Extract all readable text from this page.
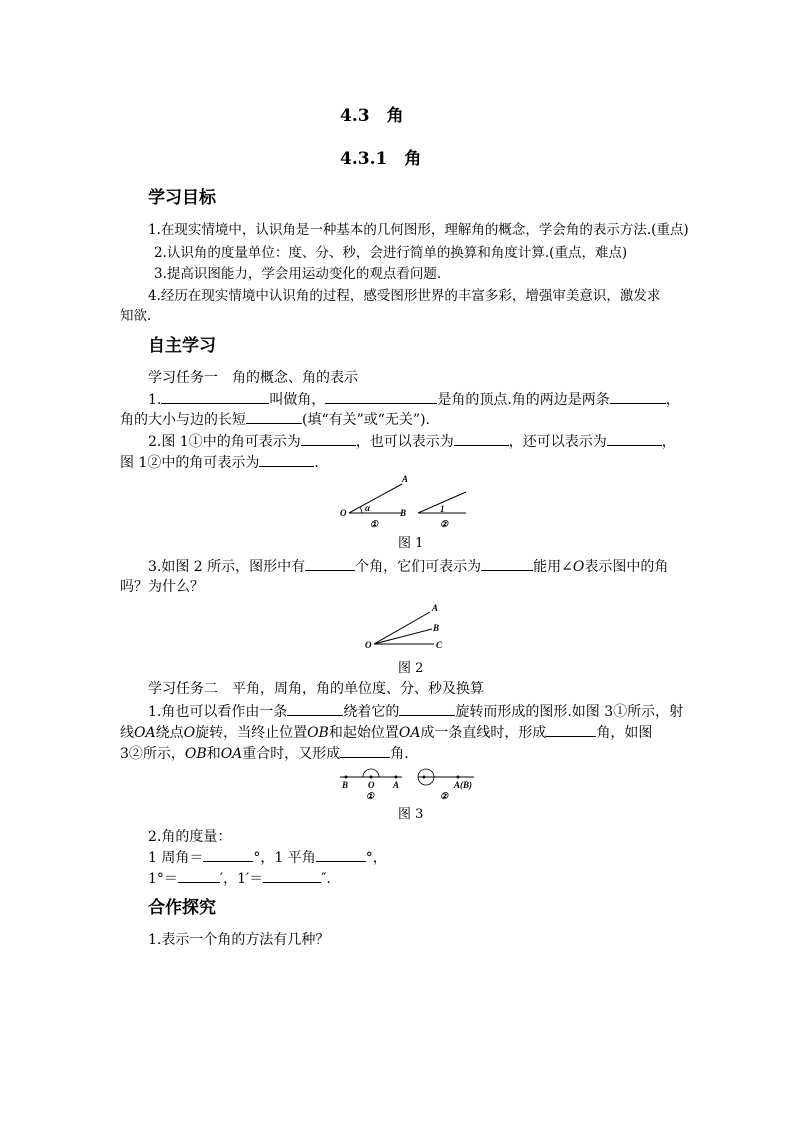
4.3　角
4.3.1　角
学习目标
1.在现实情境中，认识角是一种基本的几何图形，理解角的概念，学会角的表示方法.(重点)
2.认识角的度量单位：度、分、秒，会进行简单的换算和角度计算.(重点，难点)
3.提高识图能力，学会用运动变化的观点看问题.
4.经历在现实情境中认识角的过程，感受图形世界的丰富多彩，增强审美意识，激发求
知欲.
自主学习
学习任务一　角的概念、角的表示
1.	叫做角，	是角的顶点.角的两边是两条	，
角的大小与边的长短	(填“有关”或“无关”).
2.图 1①中的角可表示为	，也可以表示为	，还可以表示为	，
图 1②中的角可表示为	.
O
A
B
α
①
1
②
图 1
3.如图 2 所示，图形中有	个角，它们可表示为	能用∠O表示图中的角
吗？为什么？
O
A
B
C
图 2
学习任务二　平角，周角，角的单位度、分、秒及换算
1.角也可以看作由一条	绕着它的	旋转而形成的图形.如图 3①所示，射
线OA绕点O旋转，当终止位置OB和起始位置OA成一条直线时，形成	角，如图
3②所示，OB和OA重合时，又形成	角.
B O A
①
A(B)
②
图 3
2.角的度量：
1 周角＝	°，1 平角	°，
1°＝	′，1′＝	″.
合作探究
1.表示一个角的方法有几种？
